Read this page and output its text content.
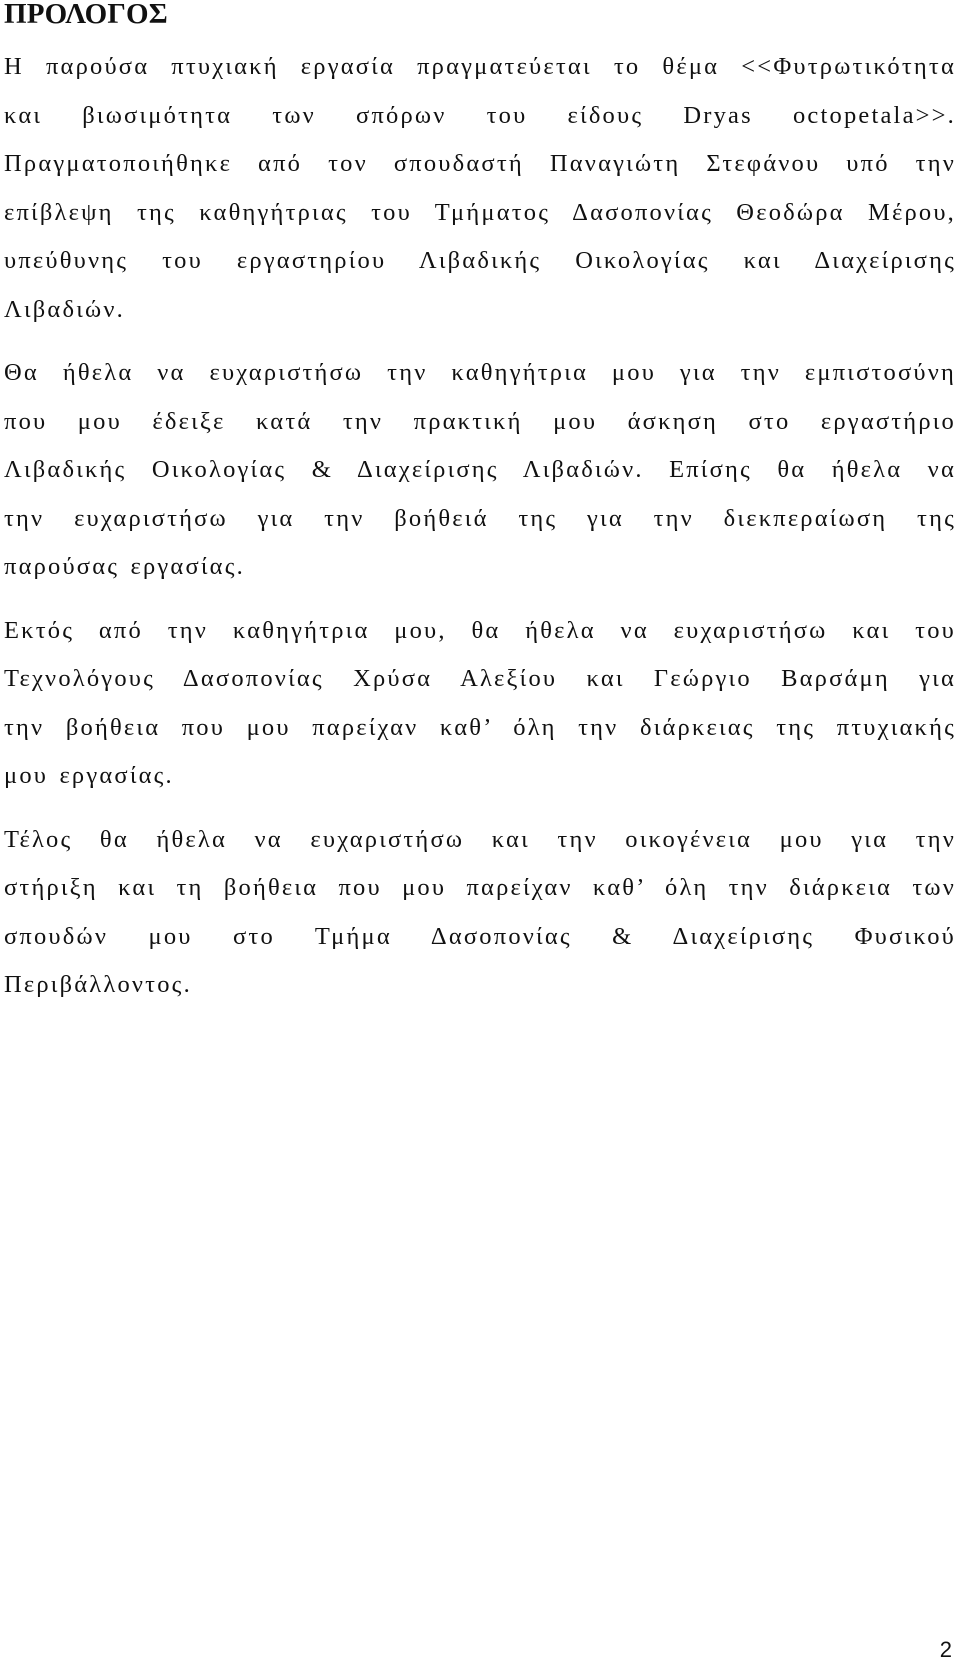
ΠΡΟΛΟΓΟΣ

Η παρούσα πτυχιακή εργασία πραγματεύεται το θέμα <<Φυτρωτικότητα
και βιωσιμότητα των σπόρων του είδους Dryas octopetala>>.
Πραγματοποιήθηκε από τον σπουδαστή Παναγιώτη Στεφάνου υπό την
επίβλεψη της καθηγήτριας του Τμήματος Δασοπονίας Θεοδώρα Μέρου,
υπεύθυνης του εργαστηρίου Λιβαδικής Οικολογίας και Διαχείρισης
Λιβαδιών.

Θα ήθελα να ευχαριστήσω την καθηγήτρια μου για την εμπιστοσύνη
που μου έδειξε κατά την πρακτική μου άσκηση στο εργαστήριο
Λιβαδικής Οικολογίας & Διαχείρισης Λιβαδιών. Επίσης θα ήθελα να
την ευχαριστήσω για την βοήθειά της για την διεκπεραίωση της
παρούσας εργασίας.

Εκτός από την καθηγήτρια μου, θα ήθελα να ευχαριστήσω και του
Τεχνολόγους Δασοπονίας Χρύσα Αλεξίου και Γεώργιο Βαρσάμη για
την βοήθεια που μου παρείχαν καθ’ όλη την διάρκειας της πτυχιακής
μου εργασίας.

Τέλος θα ήθελα να ευχαριστήσω και την οικογένεια μου για την
στήριξη και τη βοήθεια που μου παρείχαν καθ’ όλη την διάρκεια των
σπουδών μου στο Τμήμα Δασοπονίας & Διαχείρισης Φυσικού
Περιβάλλοντος.

2
